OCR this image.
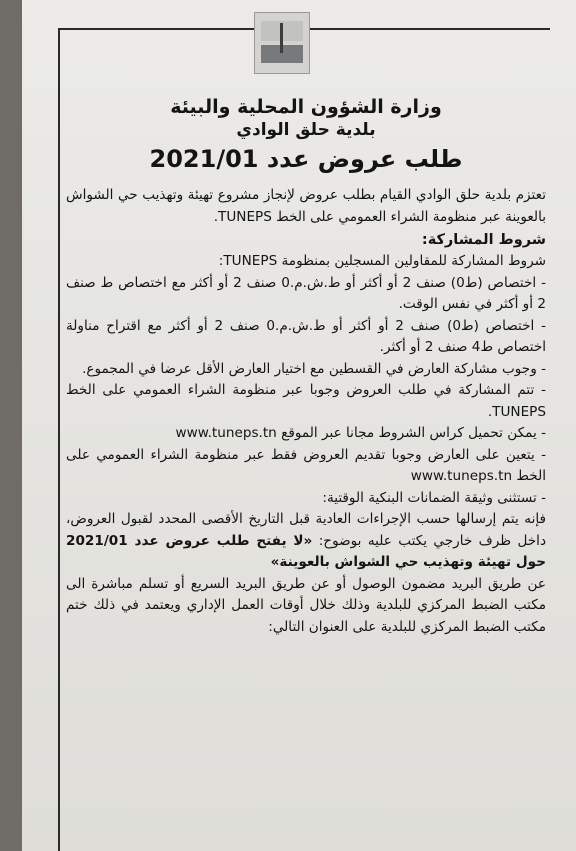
وزارة الشؤون المحلية والبيئة

بلدية حلق الوادي

طلب عروض عدد 2021/01

تعتزم بلدية حلق الوادي القيام بطلب عروض لإنجاز مشروع تهيئة وتهذيب حي الشواش بالعوينة عبر منظومة الشراء العمومي على الخط TUNEPS.

شروط المشاركة:

شروط المشاركة للمقاولين المسجلين بمنظومة TUNEPS:

- اختصاص (ط0) صنف 2 أو أكثر أو ط.ش.م.0 صنف 2 أو أكثر مع اختصاص ط صنف 2 أو أكثر في نفس الوقت.

- اختصاص (ط0) صنف 2 أو أكثر أو ط.ش.م.0 صنف 2 أو أكثر مع اقتراح مناولة اختصاص ط4 صنف 2 أو أكثر.

- وجوب مشاركة العارض في القسطين مع اختيار العارض الأقل عرضا في المجموع.

- تتم المشاركة في طلب العروض وجوبا عبر منظومة الشراء العمومي على الخط TUNEPS.

- يمكن تحميل كراس الشروط مجانا عبر الموقع www.tuneps.tn

- يتعين على العارض وجوبا تقديم العروض فقط عبر منظومة الشراء العمومي على الخط www.tuneps.tn

- تستثنى وثيقة الضمانات البنكية الوقتية:

فإنه يتم إرسالها حسب الإجراءات العادية قبل التاريخ الأقصى المحدد لقبول العروض، داخل ظرف خارجي يكتب عليه بوضوح: «لا يفتح طلب عروض عدد 2021/01 حول تهيئة وتهذيب حي الشواش بالعوينة»

عن طريق البريد مضمون الوصول أو عن طريق البريد السريع أو تسلم مباشرة الى مكتب الضبط المركزي للبلدية وذلك خلال أوقات العمل الإداري ويعتمد في ذلك ختم مكتب الضبط المركزي للبلدية على العنوان التالي:
